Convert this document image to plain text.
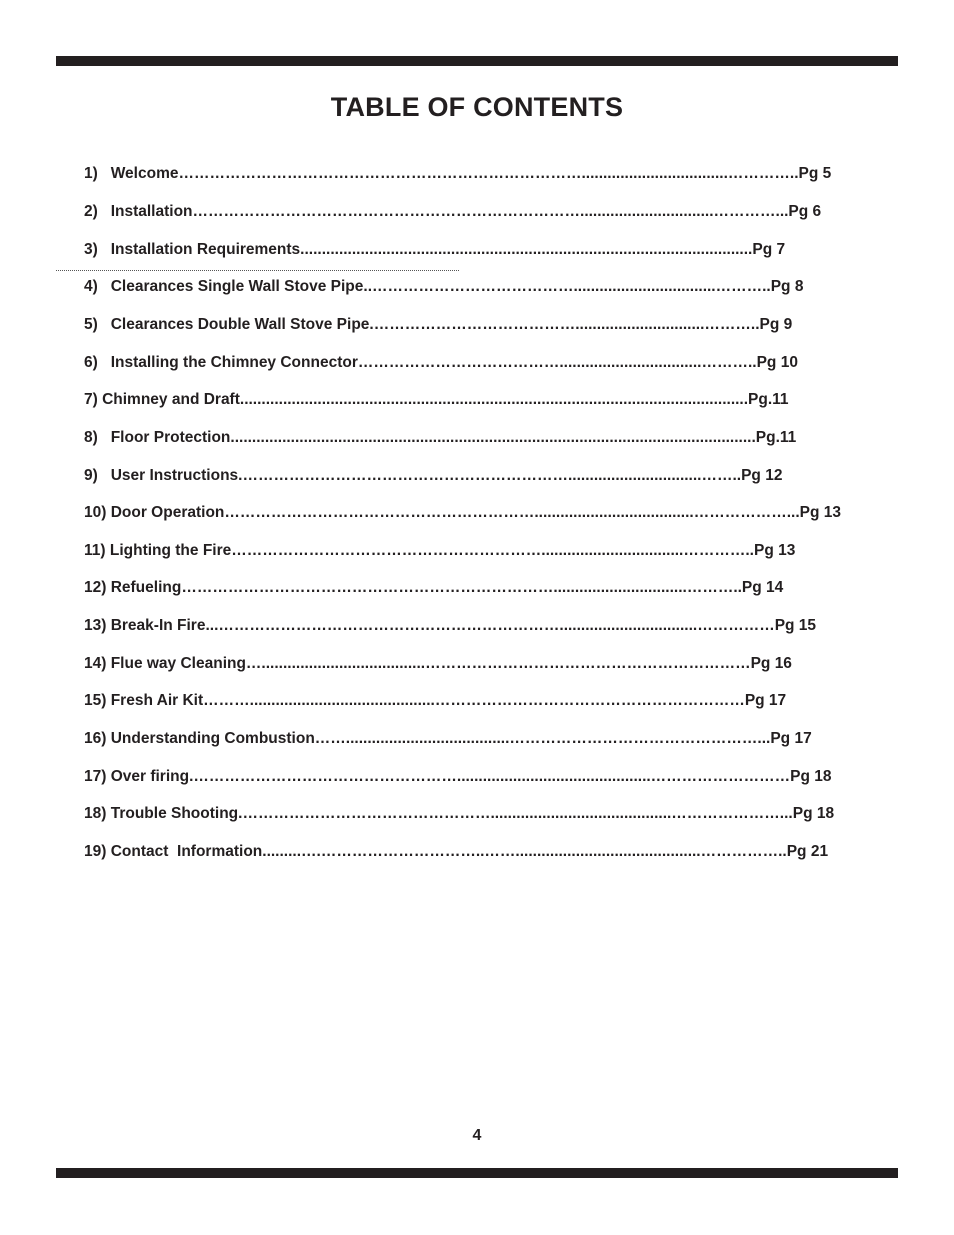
TABLE OF CONTENTS
1)   Welcome……………………………………………………………………..................................…………..Pg 5
2)   Installation…………………………………………………………………...............................…………...Pg 6
3)   Installation Requirements.........................................................................................................Pg 7
4)   Clearances Single Wall Stove Pipe..………………………………….................................………..Pg 8
5)   Clearances Double Wall Stove Pipe.…………………………………..............................………..Pg 9
6)   Installing the Chimney Connector………………………………….................................………..Pg 10
7) Chimney and Draft......................................................................................................................Pg.11
8)   Floor Protection..........................................................................................................................Pg.11
9)   User Instructions.………………………………………………………...............................……..Pg 12
10) Door Operation…………………………………………………….....................................………………...Pg 13
11) Lighting the Fire…………………………………………………….................................…………..Pg 13
12) Refueling………………………………………………………………...............................………..Pg 14
13) Break-In Fire...…………………………………………………………................................……………Pg 15
14) Flue way Cleaning…......................................………………………………………………………Pg 16
15) Fresh Air Kit………...........................................……………………………………………………Pg 17
16) Understanding Combustion……......................................…………………………………………...Pg 17
17) Over firing.…………………………………………….............................................………………………Pg 18
18) Trouble Shooting.…………………………………………..........................................…………………...Pg 18
19) Contact  Information.........….…………………………..……...........................................……………..Pg 21
4
